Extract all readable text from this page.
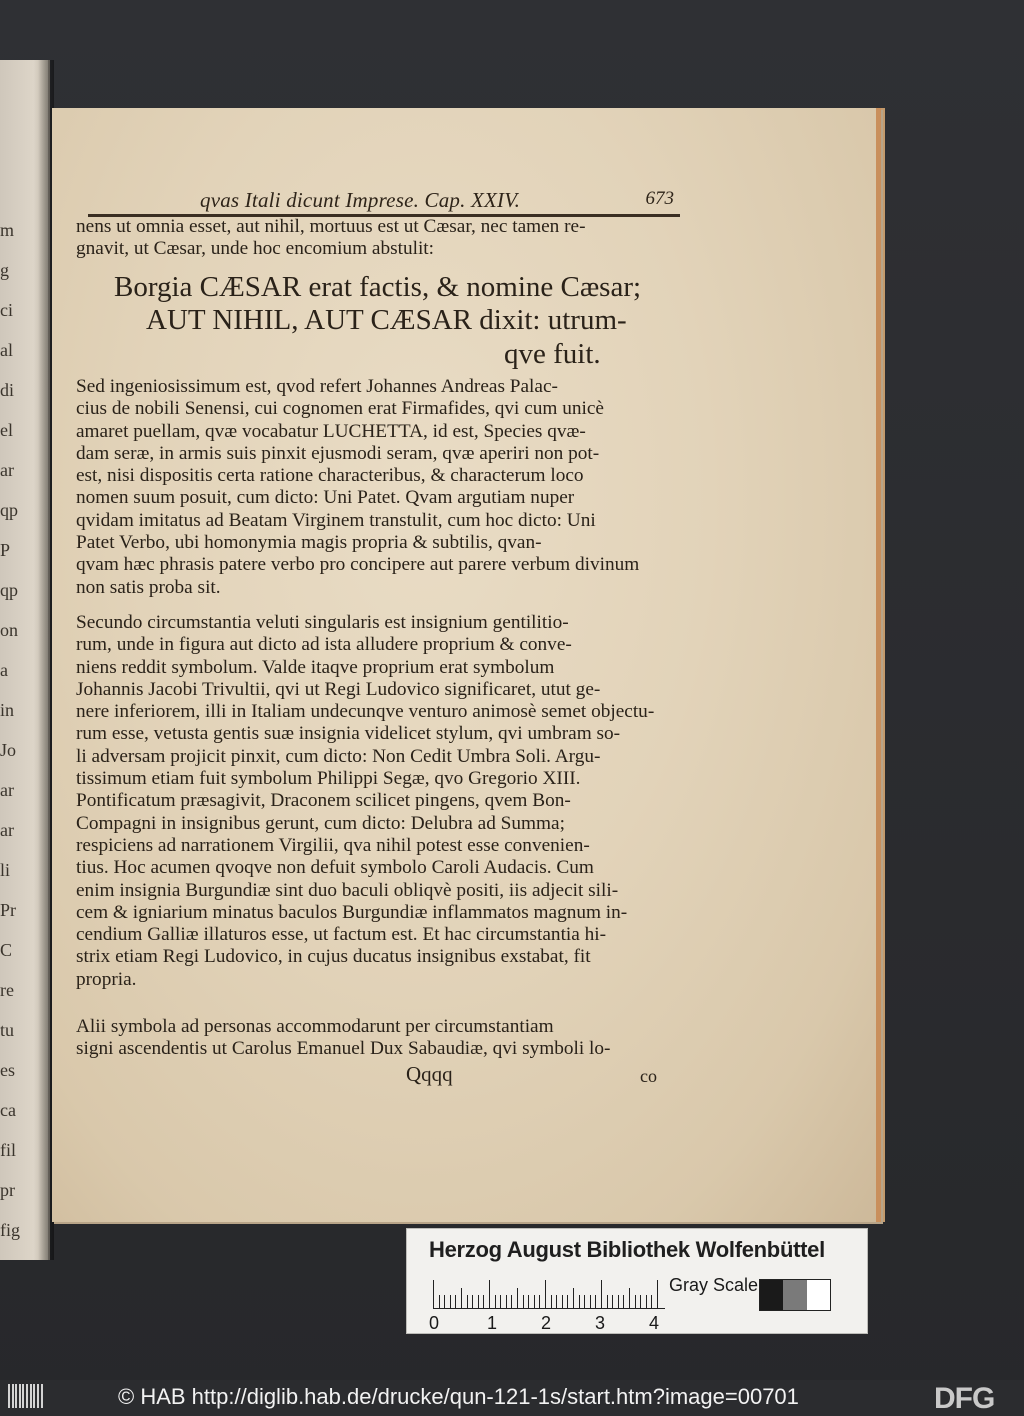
m
g
ci
al
di
el
ar
qp
P
qp
on
a
in
Jo
ar
ar
li
Pr
C
re
tu
es
ca
fil
pr
fig
qvas Itali dicunt Imprese. Cap. XXIV.	673
nens ut omnia esset, aut nihil, mortuus est ut Cæsar, nec tamen re-
gnavit, ut Cæsar, unde hoc encomium abstulit:
Borgia CÆSAR erat factis, & nomine Cæsar;
AUT NIHIL, AUT CÆSAR dixit: utrum-
qve fuit.
Sed ingeniosissimum est, qvod refert Johannes Andreas Palac-
cius de nobili Senensi, cui cognomen erat Firmafides, qvi cum unicè
amaret puellam, qvæ vocabatur LUCHETTA, id est, Species qvæ-
dam seræ, in armis suis pinxit ejusmodi seram, qvæ aperiri non pot-
est, nisi dispositis certa ratione characteribus, & characterum loco
nomen suum posuit, cum dicto: Uni Patet. Qvam argutiam nuper
qvidam imitatus ad Beatam Virginem transtulit, cum hoc dicto: Uni
Patet Verbo, ubi homonymia magis propria & subtilis, qvan-
qvam hæc phrasis patere verbo pro concipere aut parere verbum divinum
non satis proba sit.
Secundo circumstantia veluti singularis est insignium gentilitio-
rum, unde in figura aut dicto ad ista alludere proprium & conve-
niens reddit symbolum. Valde itaqve proprium erat symbolum
Johannis Jacobi Trivultii, qvi ut Regi Ludovico significaret, utut ge-
nere inferiorem, illi in Italiam undecunqve venturo animosè semet objectu-
rum esse, vetusta gentis suæ insignia videlicet stylum, qvi umbram so-
li adversam projicit pinxit, cum dicto: Non Cedit Umbra Soli. Argu-
tissimum etiam fuit symbolum Philippi Segæ, qvo Gregorio XIII.
Pontificatum præsagivit, Draconem scilicet pingens, qvem Bon-
Compagni in insignibus gerunt, cum dicto: Delubra ad Summa;
respiciens ad narrationem Virgilii, qva nihil potest esse convenien-
tius. Hoc acumen qvoqve non defuit symbolo Caroli Audacis. Cum
enim insignia Burgundiæ sint duo baculi obliqvè positi, iis adjecit sili-
cem & igniarium minatus baculos Burgundiæ inflammatos magnum in-
cendium Galliæ illaturos esse, ut factum est. Et hac circumstantia hi-
strix etiam Regi Ludovico, in cujus ducatus insignibus exstabat, fit
propria.
Alii symbola ad personas accommodarunt per circumstantiam
signi ascendentis ut Carolus Emanuel Dux Sabaudiæ, qvi symboli lo-
Qqqq	co
Herzog August Bibliothek Wolfenbüttel
0	1 2 3 4
Gray Scale
© HAB http://diglib.hab.de/drucke/qun-121-1s/start.htm?image=00701	DFG
